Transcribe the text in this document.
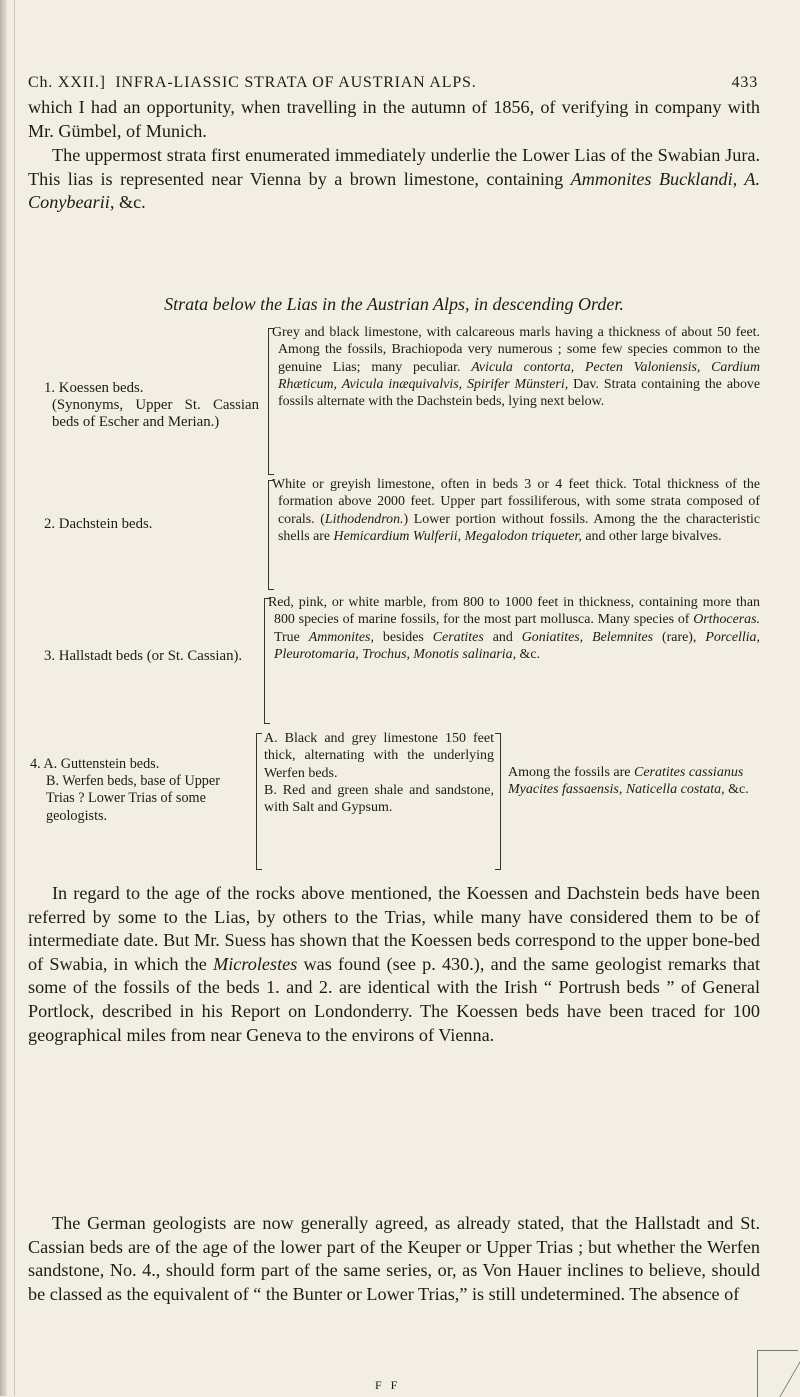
Ch. XXII.] INFRA-LIASSIC STRATA OF AUSTRIAN ALPS.	433

which I had an opportunity, when travelling in the autumn of 1856, of verifying in company with Mr. Gümbel, of Munich.

The uppermost strata first enumerated immediately underlie the Lower Lias of the Swabian Jura. This lias is represented near Vienna by a brown limestone, containing Ammonites Bucklandi, A. Conybearii, &c.

Strata below the Lias in the Austrian Alps, in descending Order.
1. Koessen beds.
(Synonyms, Upper St. Cassian beds of Escher and Merian.)
Grey and black limestone, with calcareous marls having a thickness of about 50 feet. Among the fossils, Brachiopoda very numerous ; some few species common to the genuine Lias; many peculiar. Avicula contorta, Pecten Valoniensis, Cardium Rhæticum, Avicula inæquivalvis, Spirifer Münsteri, Dav. Strata containing the above fossils alternate with the Dachstein beds, lying next below.
2. Dachstein beds.
White or greyish limestone, often in beds 3 or 4 feet thick. Total thickness of the formation above 2000 feet. Upper part fossiliferous, with some strata composed of corals. (Lithodendron.) Lower portion without fossils. Among the the characteristic shells are Hemicardium Wulferii, Megalodon triqueter, and other large bivalves.
3. Hallstadt beds (or St. Cassian).
Red, pink, or white marble, from 800 to 1000 feet in thickness, containing more than 800 species of marine fossils, for the most part mollusca. Many species of Orthoceras. True Ammonites, besides Ceratites and Goniatites, Belemnites (rare), Porcellia, Pleurotomaria, Trochus, Monotis salinaria, &c.
4. A. Guttenstein beds.
B. Werfen beds, base of Upper Trias ? Lower Trias of some geologists.
A. Black and grey limestone 150 feet thick, alternating with the underlying Werfen beds.
B. Red and green shale and sandstone, with Salt and Gypsum.
Among the fossils are Ceratites cassianus Myacites fassaensis, Naticella costata, &c.

In regard to the age of the rocks above mentioned, the Koessen and Dachstein beds have been referred by some to the Lias, by others to the Trias, while many have considered them to be of intermediate date. But Mr. Suess has shown that the Koessen beds correspond to the upper bone-bed of Swabia, in which the Microlestes was found (see p. 430.), and the same geologist remarks that some of the fossils of the beds 1. and 2. are identical with the Irish “ Portrush beds ” of General Portlock, described in his Report on Londonderry. The Koessen beds have been traced for 100 geographical miles from near Geneva to the environs of Vienna.

The German geologists are now generally agreed, as already stated, that the Hallstadt and St. Cassian beds are of the age of the lower part of the Keuper or Upper Trias ; but whether the Werfen sandstone, No. 4., should form part of the same series, or, as Von Hauer inclines to believe, should be classed as the equivalent of “ the Bunter or Lower Trias,” is still undetermined. The absence of

F F
